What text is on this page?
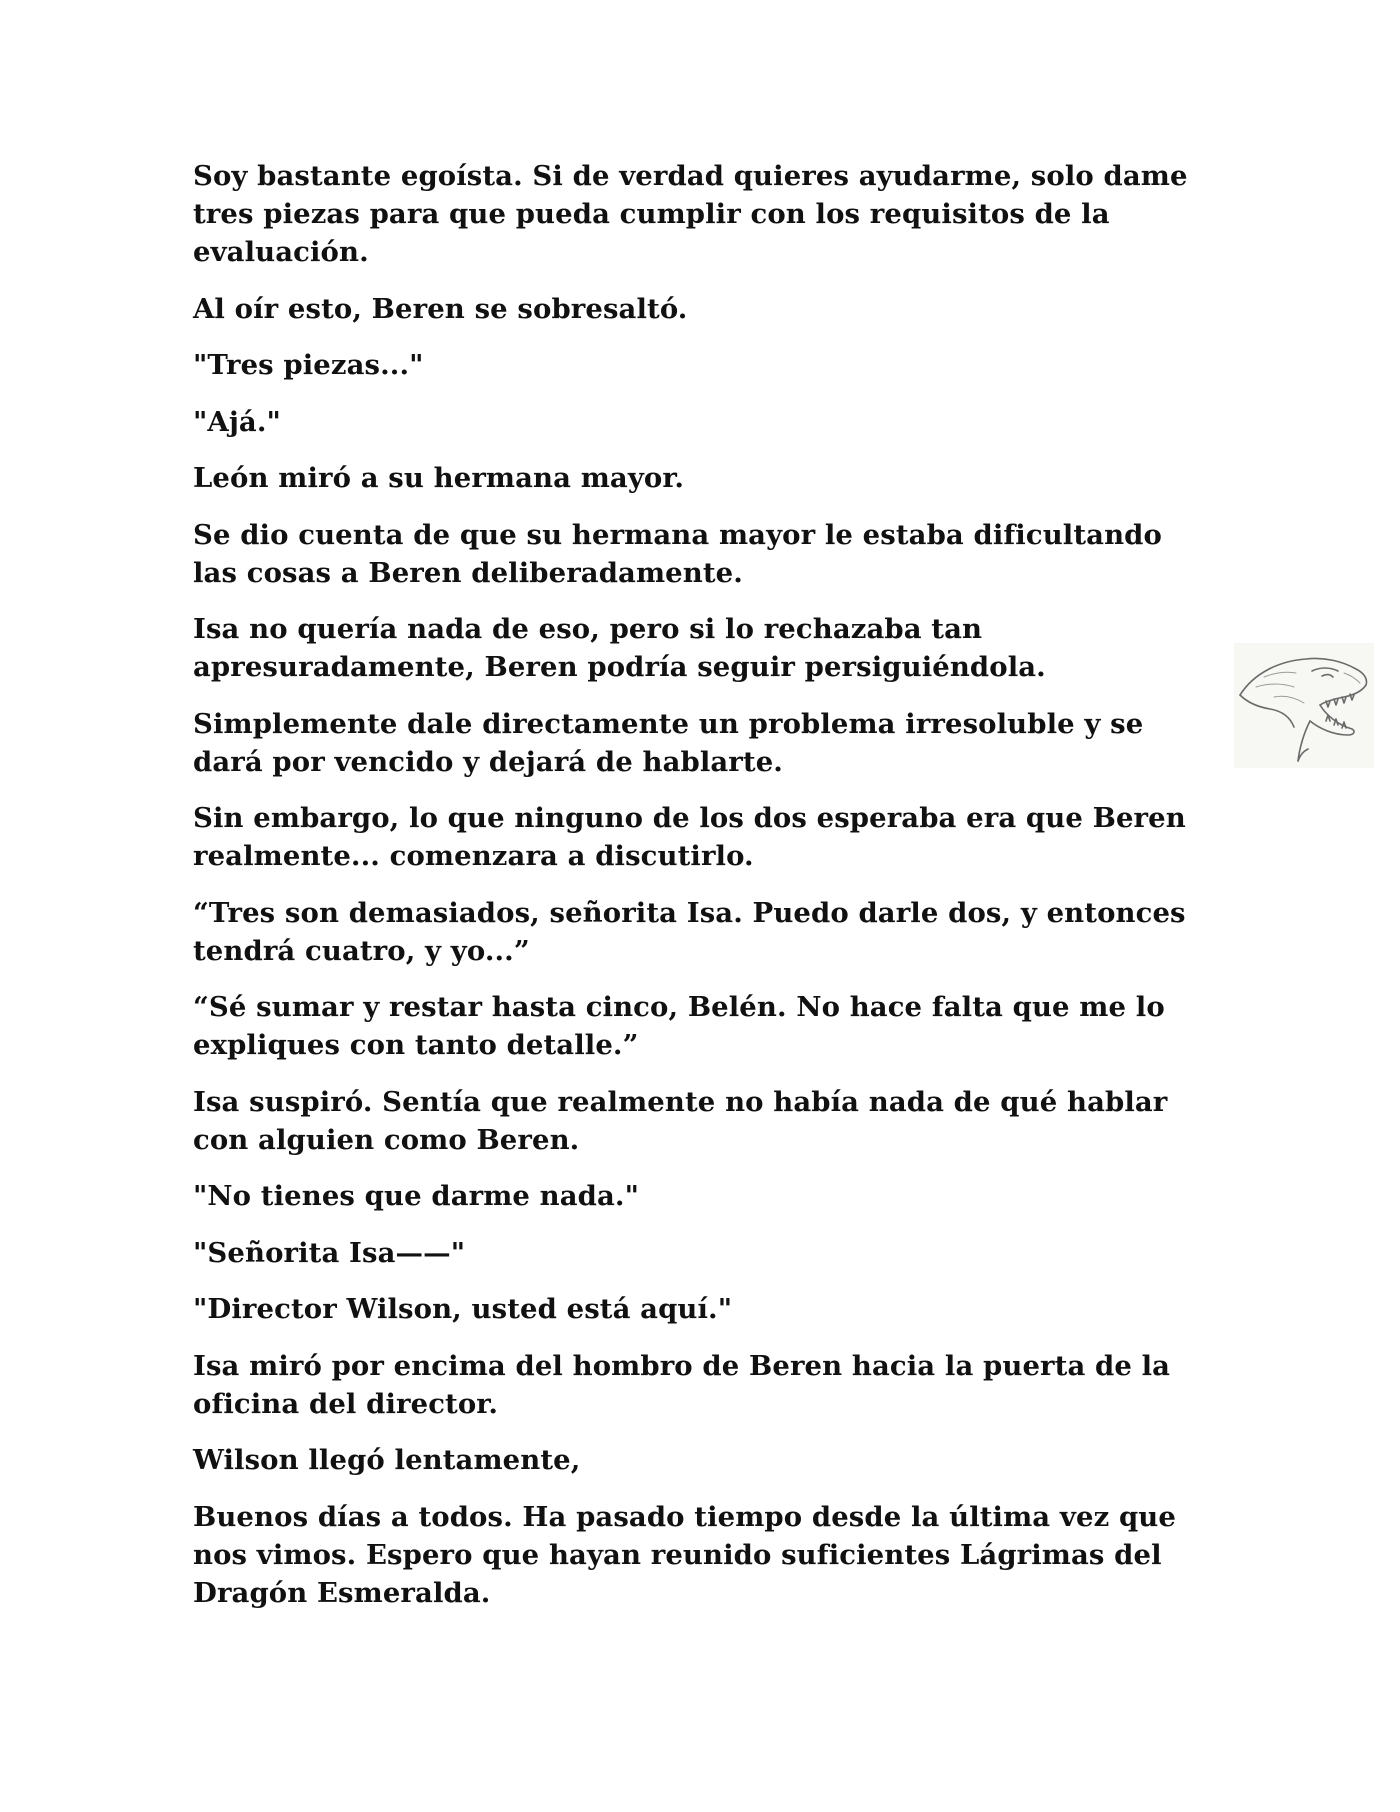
Soy bastante egoísta. Si de verdad quieres ayudarme, solo dame tres piezas para que pueda cumplir con los requisitos de la evaluación.

Al oír esto, Beren se sobresaltó.

"Tres piezas..."

"Ajá."

León miró a su hermana mayor.

Se dio cuenta de que su hermana mayor le estaba dificultando las cosas a Beren deliberadamente.

Isa no quería nada de eso, pero si lo rechazaba tan apresuradamente, Beren podría seguir persiguiéndola.

Simplemente dale directamente un problema irresoluble y se dará por vencido y dejará de hablarte.

Sin embargo, lo que ninguno de los dos esperaba era que Beren realmente... comenzara a discutirlo.

“Tres son demasiados, señorita Isa. Puedo darle dos, y entonces tendrá cuatro, y yo...”

“Sé sumar y restar hasta cinco, Belén. No hace falta que me lo expliques con tanto detalle.”

Isa suspiró. Sentía que realmente no había nada de qué hablar con alguien como Beren.

"No tienes que darme nada."

"Señorita Isa——"

"Director Wilson, usted está aquí."

Isa miró por encima del hombro de Beren hacia la puerta de la oficina del director.

Wilson llegó lentamente,

Buenos días a todos. Ha pasado tiempo desde la última vez que nos vimos. Espero que hayan reunido suficientes Lágrimas del Dragón Esmeralda.
